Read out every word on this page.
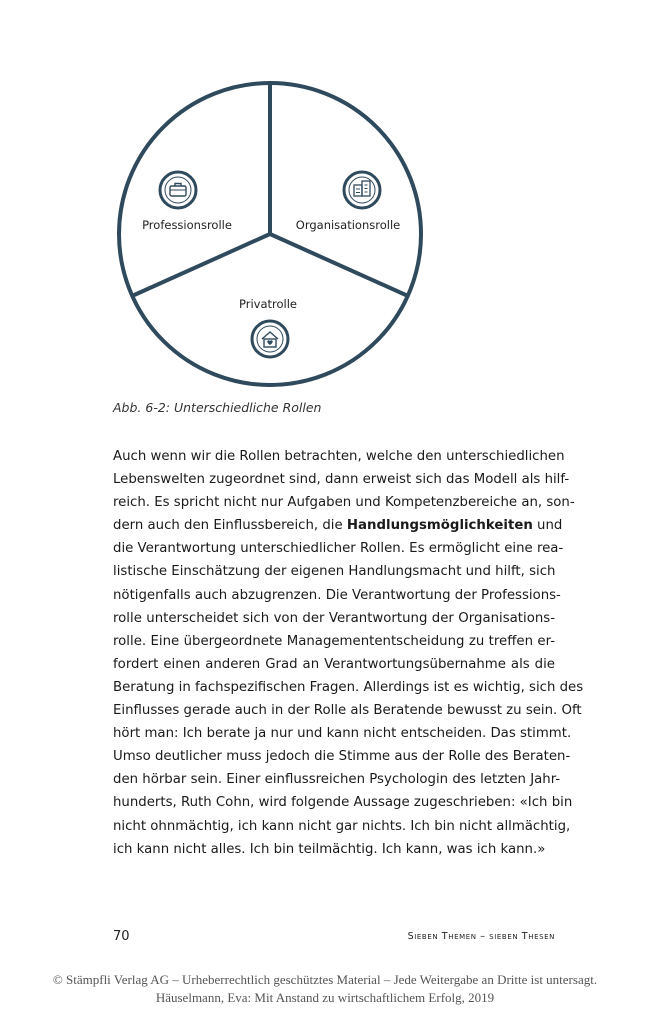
Professionsrolle	Organisationsrolle
Privatrolle
Abb. 6-2: Unterschiedliche Rollen
Auch wenn wir die Rollen betrachten, welche den unterschiedlichen
Lebenswelten zugeordnet sind, dann erweist sich das Modell als hilf-
reich. Es spricht nicht nur Aufgaben und Kompetenzbereiche an, son-
dern auch den Einflussbereich, die Handlungsmöglichkeiten und
die Verantwortung unterschiedlicher Rollen. Es ermöglicht eine rea-
listische Einschätzung der eigenen Handlungsmacht und hilft, sich
nötigenfalls auch abzugrenzen. Die Verantwortung der Professions-
rolle unterscheidet sich von der Verantwortung der Organisations-
rolle. Eine übergeordnete Managemententscheidung zu treffen er-
fordert einen anderen Grad an Verantwortungsübernahme als die
Beratung in fachspezifischen Fragen. Allerdings ist es wichtig, sich des
Einflusses gerade auch in der Rolle als Beratende bewusst zu sein. Oft
hört man: Ich berate ja nur und kann nicht entscheiden. Das stimmt.
Umso deutlicher muss jedoch die Stimme aus der Rolle des Beraten-
den hörbar sein. Einer einflussreichen Psychologin des letzten Jahr-
hunderts, Ruth Cohn, wird folgende Aussage zugeschrieben: «Ich bin
nicht ohnmächtig, ich kann nicht gar nichts. Ich bin nicht allmächtig,
ich kann nicht alles. Ich bin teilmächtig. Ich kann, was ich kann.»
70	Sieben Themen – sieben Thesen
© Stämpfli Verlag AG – Urheberrechtlich geschütztes Material – Jede Weitergabe an Dritte ist untersagt.
Häuselmann, Eva: Mit Anstand zu wirtschaftlichem Erfolg, 2019
